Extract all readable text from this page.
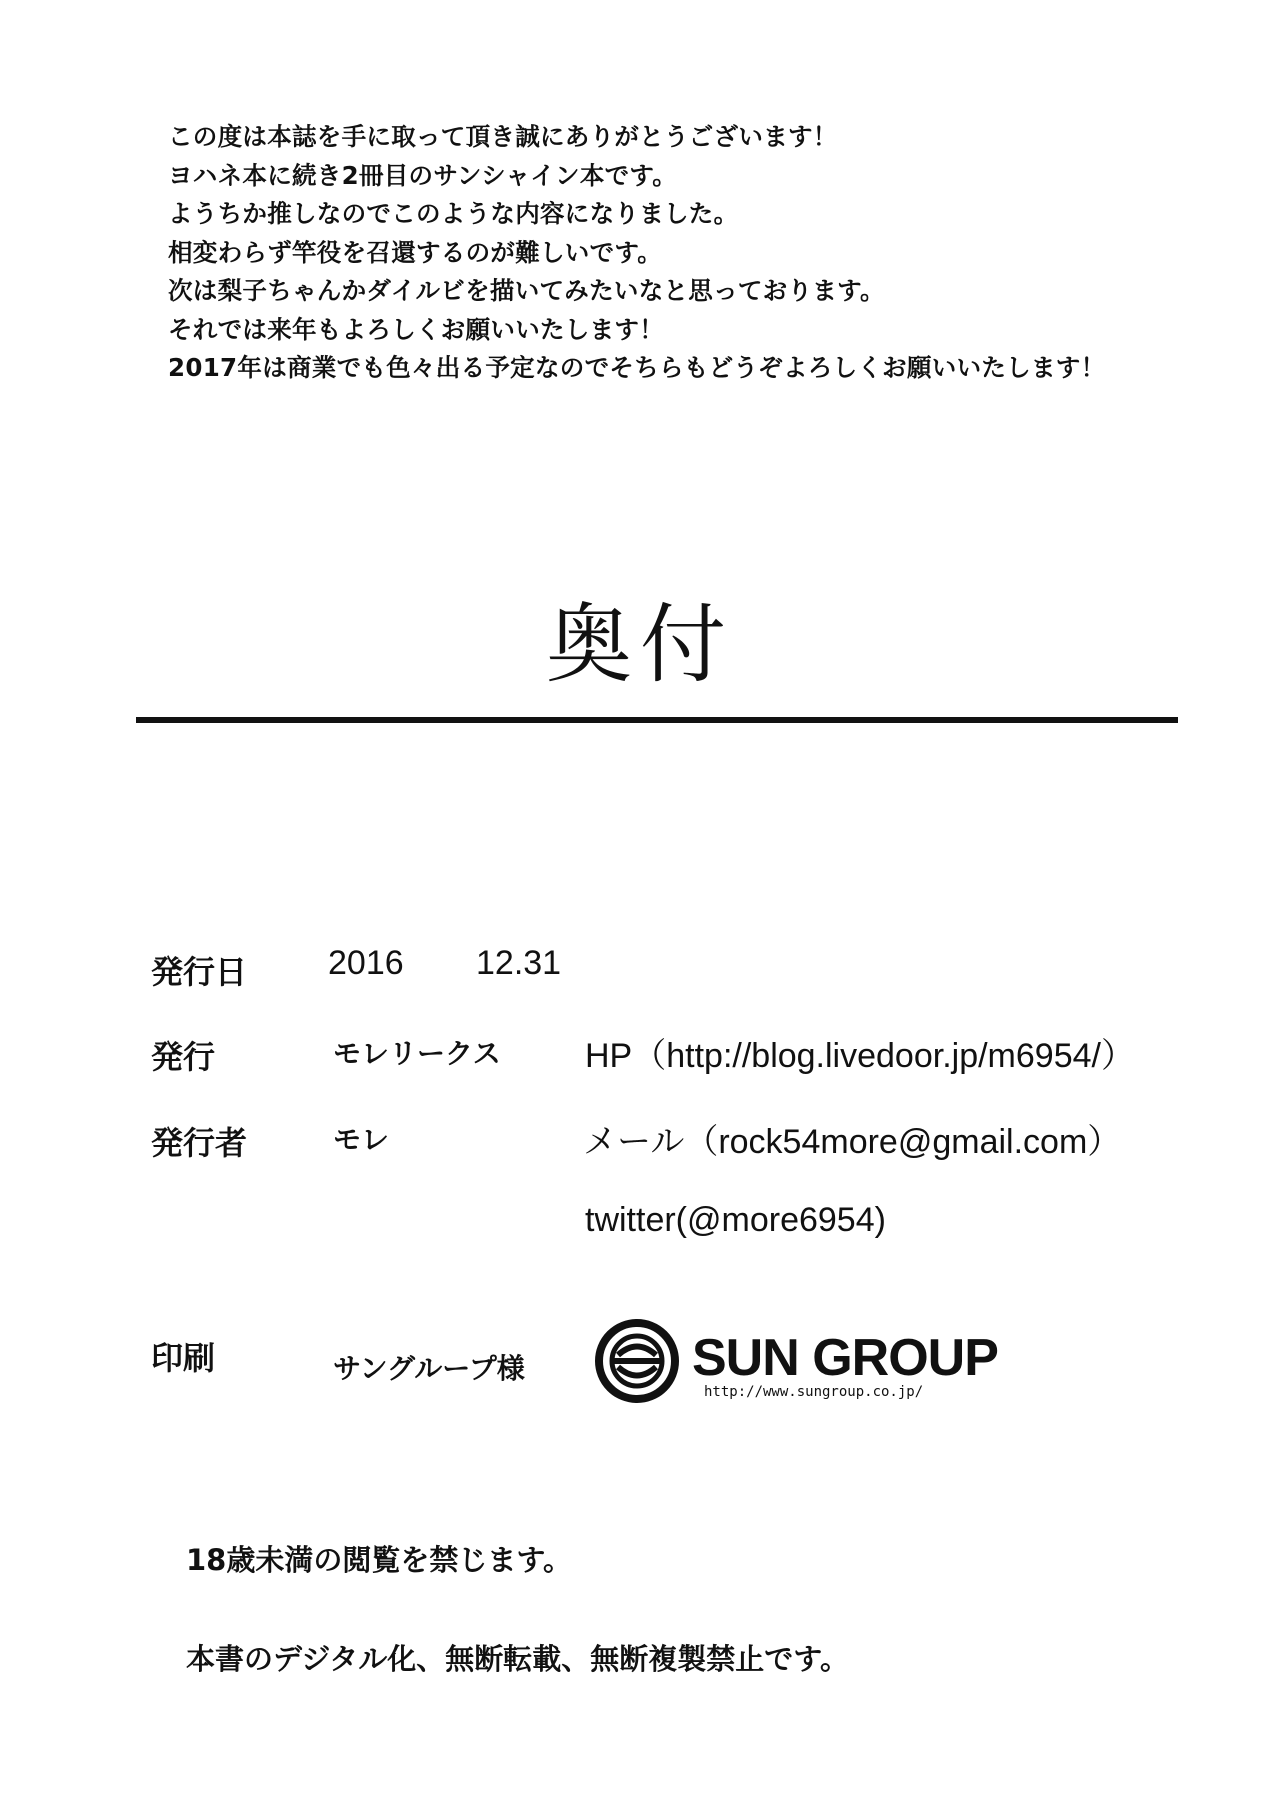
この度は本誌を手に取って頂き誠にありがとうございます！
ヨハネ本に続き2冊目のサンシャイン本です。
ようちか推しなのでこのような内容になりました。
相変わらず竿役を召還するのが難しいです。
次は梨子ちゃんかダイルビを描いてみたいなと思っております。
それでは来年もよろしくお願いいたします！
2017年は商業でも色々出る予定なのでそちらもどうぞよろしくお願いいたします！
奥付
発行日 2016 12.31
発行	モレリークス HP（http://blog.livedoor.jp/m6954/）
発行者	モレ	メール（rock54more@gmail.com）
twitter(@more6954)
印刷	サングループ様	SUN GROUP
http://www.sungroup.co.jp/
18歳未満の閲覧を禁じます。
本書のデジタル化、無断転載、無断複製禁止です。
